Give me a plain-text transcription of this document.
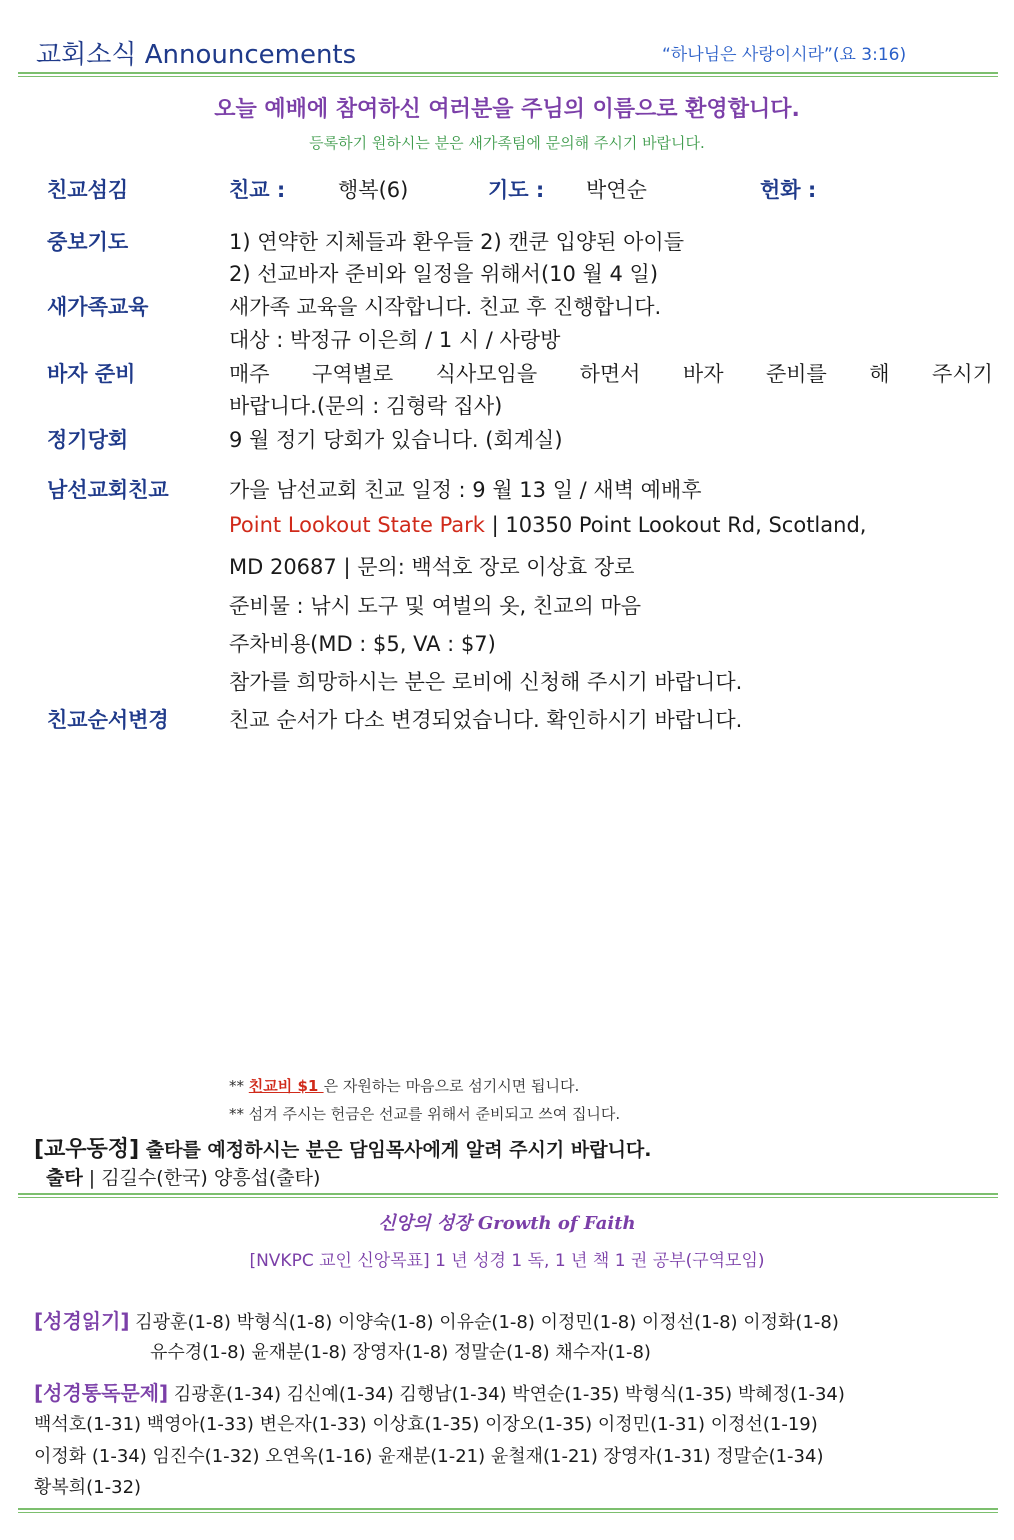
교회소식 Announcements	“하나님은 사랑이시라”(요 3:16)
오늘 예배에 참여하신 여러분을 주님의 이름으로 환영합니다.
등록하기 원하시는 분은 새가족팀에 문의해 주시기 바랍니다.
친교섬김	친교 :	행복(6)	기도 : 박연순	헌화 :
중보기도	1) 연약한 지체들과 환우들 2) 캔쿤 입양된 아이들
2) 선교바자 준비와 일정을 위해서(10 월 4 일)
새가족교육	새가족 교육을 시작합니다. 친교 후 진행합니다.
대상 : 박정규 이은희 / 1 시 / 사랑방
바자 준비	매주 구역별로 식사모임을 하면서 바자 준비를 해 주시기
바랍니다.(문의 : 김형락 집사)
정기당회	9 월 정기 당회가 있습니다. (회계실)
남선교회친교	가을 남선교회 친교 일정 : 9 월 13 일 / 새벽 예배후
Point Lookout State Park | 10350 Point Lookout Rd, Scotland,
MD 20687 | 문의: 백석호 장로 이상효 장로
준비물 : 낚시 도구 및 여벌의 옷, 친교의 마음
주차비용(MD : $5, VA : $7)
참가를 희망하시는 분은 로비에 신청해 주시기 바랍니다.
친교순서변경	친교 순서가 다소 변경되었습니다. 확인하시기 바랍니다.
** 친교비 $1 은 자원하는 마음으로 섬기시면 됩니다.
** 섬겨 주시는 헌금은 선교를 위해서 준비되고 쓰여 집니다.
[교우동정] 출타를 예정하시는 분은 담임목사에게 알려 주시기 바랍니다.
출타 | 김길수(한국) 양흥섭(출타)
신앙의 성장 Growth of Faith
[NVKPC 교인 신앙목표] 1 년 성경 1 독, 1 년 책 1 권 공부(구역모임)
[성경읽기] 김광훈(1-8) 박형식(1-8) 이양숙(1-8) 이유순(1-8) 이정민(1-8) 이정선(1-8) 이정화(1-8)
유수경(1-8) 윤재분(1-8) 장영자(1-8) 정말순(1-8) 채수자(1-8)
[성경통독문제] 김광훈(1-34) 김신예(1-34) 김행남(1-34) 박연순(1-35) 박형식(1-35) 박혜정(1-34)
백석호(1-31) 백영아(1-33) 변은자(1-33) 이상효(1-35) 이장오(1-35) 이정민(1-31) 이정선(1-19)
이정화 (1-34) 임진수(1-32) 오연옥(1-16) 윤재분(1-21) 윤철재(1-21) 장영자(1-31) 정말순(1-34)
황복희(1-32)
